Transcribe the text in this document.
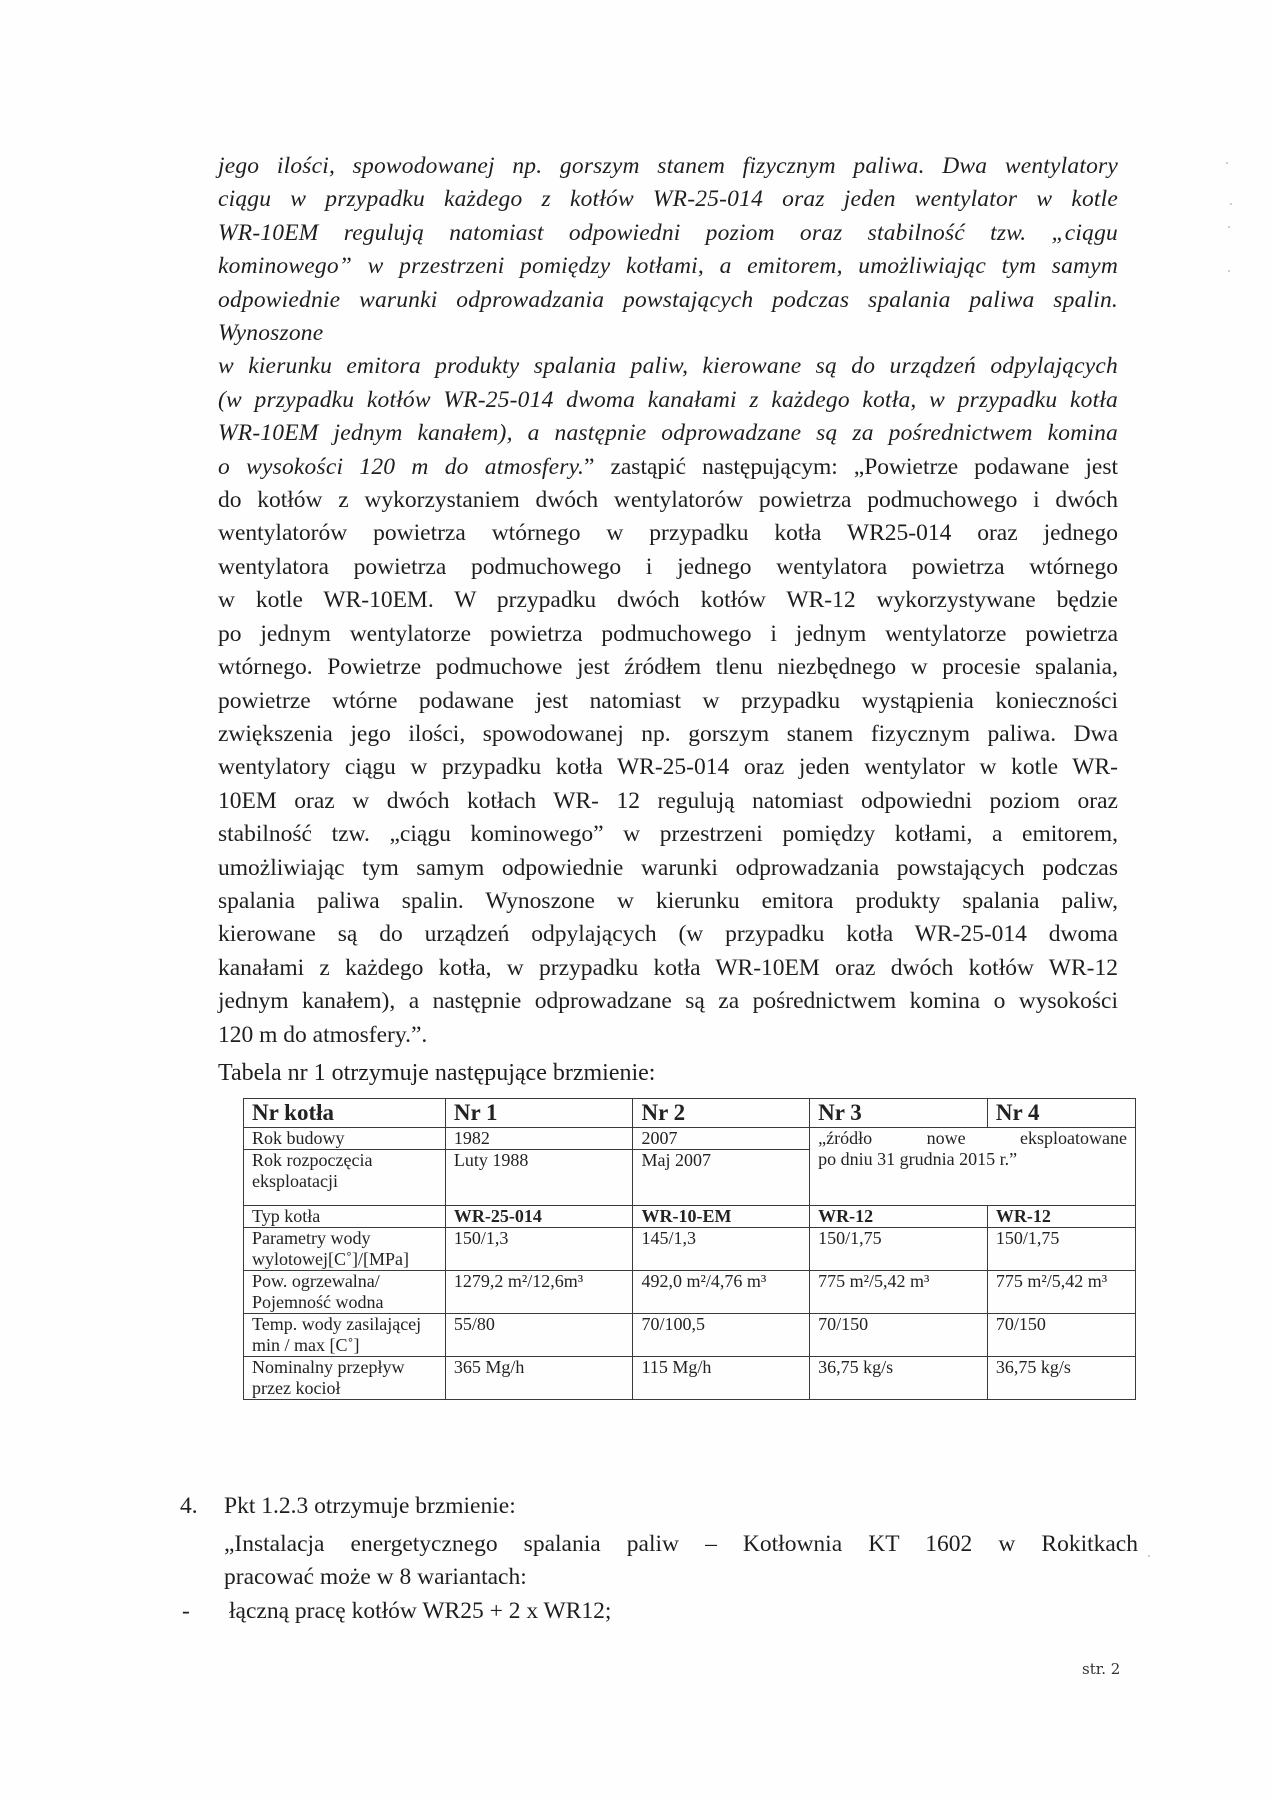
jego ilości, spowodowanej np. gorszym stanem fizycznym paliwa. Dwa wentylatory
ciągu w przypadku każdego z kotłów WR-25-014 oraz jeden wentylator w kotle
WR-10EM regulują natomiast odpowiedni poziom oraz stabilność tzw. „ciągu
kominowego” w przestrzeni pomiędzy kotłami, a emitorem, umożliwiając tym samym
odpowiednie warunki odprowadzania powstających podczas spalania paliwa spalin.
Wynoszone
w kierunku emitora produkty spalania paliw, kierowane są do urządzeń odpylających
(w przypadku kotłów WR-25-014 dwoma kanałami z każdego kotła, w przypadku kotła
WR-10EM jednym kanałem), a następnie odprowadzane są za pośrednictwem komina
o wysokości 120 m do atmosfery.” zastąpić następującym: „Powietrze podawane jest
do kotłów z wykorzystaniem dwóch wentylatorów powietrza podmuchowego i dwóch
wentylatorów powietrza wtórnego w przypadku kotła WR25-014 oraz jednego
wentylatora powietrza podmuchowego i jednego wentylatora powietrza wtórnego
w kotle WR-10EM. W przypadku dwóch kotłów WR-12 wykorzystywane będzie
po jednym wentylatorze powietrza podmuchowego i jednym wentylatorze powietrza
wtórnego. Powietrze podmuchowe jest źródłem tlenu niezbędnego w procesie spalania,
powietrze wtórne podawane jest natomiast w przypadku wystąpienia konieczności
zwiększenia jego ilości, spowodowanej np. gorszym stanem fizycznym paliwa. Dwa
wentylatory ciągu w przypadku kotła WR-25-014 oraz jeden wentylator w kotle WR-
10EM oraz w dwóch kotłach WR- 12 regulują natomiast odpowiedni poziom oraz
stabilność tzw. „ciągu kominowego” w przestrzeni pomiędzy kotłami, a emitorem,
umożliwiając tym samym odpowiednie warunki odprowadzania powstających podczas
spalania paliwa spalin. Wynoszone w kierunku emitora produkty spalania paliw,
kierowane są do urządzeń odpylających (w przypadku kotła WR-25-014 dwoma
kanałami z każdego kotła, w przypadku kotła WR-10EM oraz dwóch kotłów WR-12
jednym kanałem), a następnie odprowadzane są za pośrednictwem komina o wysokości
120 m do atmosfery.”.
Tabela nr 1 otrzymuje następujące brzmienie:
Nr kotła	Nr 1	Nr 2	Nr 3	Nr 4
Rok budowy	1982	2007	„źródło nowe eksploatowane
po dniu 31 grudnia 2015 r.”	

Rok rozpoczęcia eksploatacji	Luty 1988	Maj 2007		
Typ kotła	WR-25-014	WR-10-EM	WR-12	WR-12
Parametry wody wylotowej[C˚]/[MPa]	150/1,3	145/1,3	150/1,75	150/1,75
Pow. ogrzewalna/ Pojemność wodna	1279,2 m²/12,6m³	492,0 m²/4,76 m³	775 m²/5,42 m³	775 m²/5,42 m³
Temp. wody zasilającej min / max [C˚]	55/80	70/100,5	70/150	70/150
Nominalny przepływ przez kocioł	365 Mg/h	115 Mg/h	36,75 kg/s	36,75 kg/s
4. Pkt 1.2.3 otrzymuje brzmienie:
„Instalacja energetycznego spalania paliw – Kotłownia KT 1602 w Rokitkach
pracować może w 8 wariantach:
- łączną pracę kotłów WR25 + 2 x WR12;
str. 2
